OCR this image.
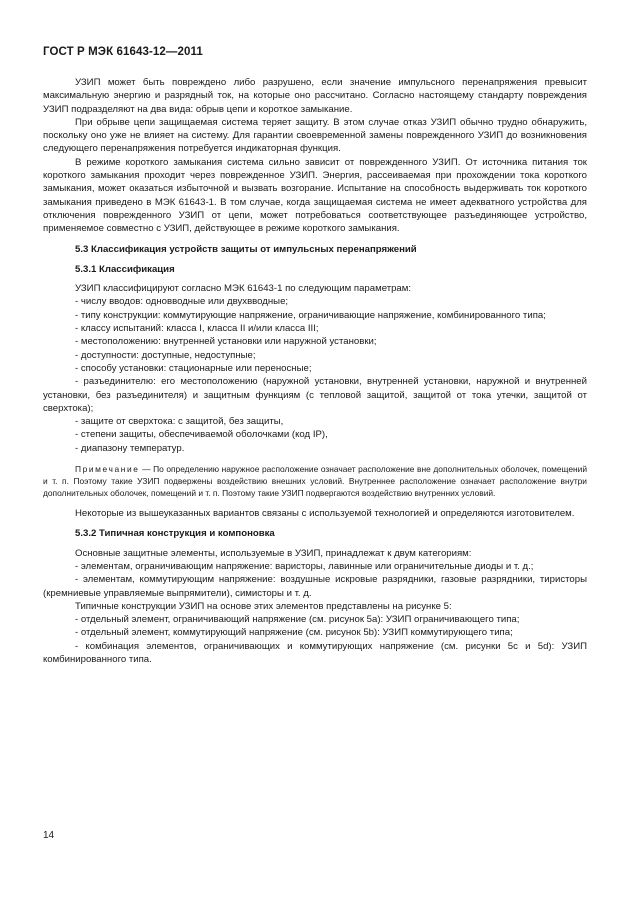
ГОСТ Р МЭК 61643-12—2011

УЗИП может быть повреждено либо разрушено, если значение импульсного перенапряжения превысит максимальную энергию и разрядный ток, на которые оно рассчитано. Согласно настоящему стандарту повреждения УЗИП подразделяют на два вида: обрыв цепи и короткое замыкание.

При обрыве цепи защищаемая система теряет защиту. В этом случае отказ УЗИП обычно трудно обнаружить, поскольку оно уже не влияет на систему. Для гарантии своевременной замены поврежденного УЗИП до возникновения следующего перенапряжения потребуется индикаторная функция.

В режиме короткого замыкания система сильно зависит от поврежденного УЗИП. От источника питания ток короткого замыкания проходит через поврежденное УЗИП. Энергия, рассеиваемая при прохождении тока короткого замыкания, может оказаться избыточной и вызвать возгорание. Испытание на способность выдерживать ток короткого замыкания приведено в МЭК 61643-1. В том случае, когда защищаемая система не имеет адекватного устройства для отключения поврежденного УЗИП от цепи, может потребоваться соответствующее разъединяющее устройство, применяемое совместно с УЗИП, действующее в режиме короткого замыкания.

5.3 Классификация устройств защиты от импульсных перенапряжений

5.3.1 Классификация

УЗИП классифицируют согласно МЭК 61643-1 по следующим параметрам:

- числу вводов: одновводные или двухвводные;

- типу конструкции: коммутирующие напряжение, ограничивающие напряжение, комбинированного типа;

- классу испытаний: класса I, класса II и/или класса III;

- местоположению: внутренней установки или наружной установки;

- доступности: доступные, недоступные;

- способу установки: стационарные или переносные;

- разъединителю: его местоположению (наружной установки, внутренней установки, наружной и внутренней установки, без разъединителя) и защитным функциям (с тепловой защитой, защитой от тока утечки, защитой от сверхтока);

- защите от сверхтока: с защитой, без защиты,

- степени защиты, обеспечиваемой оболочками (код IP),

- диапазону температур.

Примечание — По определению наружное расположение означает расположение вне дополнительных оболочек, помещений и т. п. Поэтому такие УЗИП подвержены воздействию внешних условий. Внутреннее расположение означает расположение внутри дополнительных оболочек, помещений и т. п. Поэтому такие УЗИП подвергаются воздействию внутренних условий.

Некоторые из вышеуказанных вариантов связаны с используемой технологией и определяются изготовителем.

5.3.2 Типичная конструкция и компоновка

Основные защитные элементы, используемые в УЗИП, принадлежат к двум категориям:

- элементам, ограничивающим напряжение: варисторы, лавинные или ограничительные диоды и т. д.;

- элементам, коммутирующим напряжение: воздушные искровые разрядники, газовые разрядники, тиристоры (кремниевые управляемые выпрямители), симисторы и т. д.

Типичные конструкции УЗИП на основе этих элементов представлены на рисунке 5:

- отдельный элемент, ограничивающий напряжение (см. рисунок 5а): УЗИП ограничивающего типа;

- отдельный элемент, коммутирующий напряжение (см. рисунок 5b): УЗИП коммутирующего типа;

- комбинация элементов, ограничивающих и коммутирующих напряжение (см. рисунки 5с и 5d): УЗИП комбинированного типа.

14
